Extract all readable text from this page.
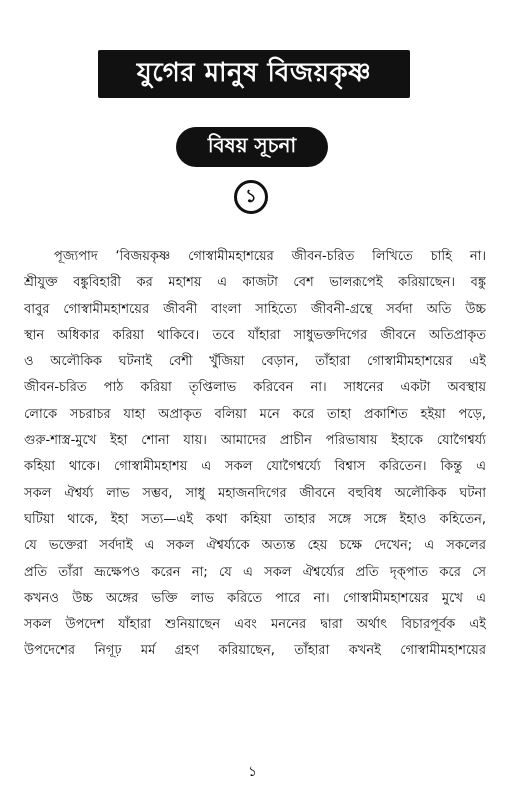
যুগের মানুষ বিজয়কৃষ্ণ
বিষয় সূচনা
১
পূজ্যপাদ ‘বিজয়কৃষ্ণ গোস্বামীমহাশয়ের জীবন-চরিত লিখিতে চাহি না।
শ্রীযুক্ত বঙ্কুবিহারী কর মহাশয় এ কাজটা বেশ ভালরূপেই করিয়াছেন। বঙ্কু
বাবুর গোস্বামীমহাশয়ের জীবনী বাংলা সাহিত্যে জীবনী-গ্রন্থে সর্বদা অতি উচ্চ
স্থান অধিকার করিয়া থাকিবে। তবে যাঁহারা সাধুভক্তদিগের জীবনে অতিপ্রাকৃত
ও অলৌকিক ঘটনাই বেশী খুঁজিয়া বেড়ান, তাঁহারা গোস্বামীমহাশয়ের এই
জীবন-চরিত পাঠ করিয়া তৃপ্তিলাভ করিবেন না। সাধনের একটা অবস্থায়
লোকে সচরাচর যাহা অপ্রাকৃত বলিয়া মনে করে তাহা প্রকাশিত হইয়া পড়ে,
গুরু-শাস্ত্র-মুখে ইহা শোনা যায়। আমাদের প্রাচীন পরিভাষায় ইহাকে যোগৈশ্বর্য্য
কহিয়া থাকে। গোস্বামীমহাশয় এ সকল যোগৈশ্বর্য্যে বিশ্বাস করিতেন। কিন্তু এ
সকল ঐশ্বর্য্য লাভ সম্ভব, সাধু মহাজনদিগের জীবনে বহুবিধ অলৌকিক ঘটনা
ঘটিয়া থাকে, ইহা সত্য—এই কথা কহিয়া তাহার সঙ্গে সঙ্গে ইহাও কহিতেন,
যে ভক্তেরা সর্বদাই এ সকল ঐশ্বর্য্যকে অত্যন্ত হেয় চক্ষে দেখেন; এ সকলের
প্রতি তাঁরা ভ্রূক্ষেপও করেন না; যে এ সকল ঐশ্বর্য্যের প্রতি দৃক্পাত করে সে
কখনও উচ্চ অঙ্গের ভক্তি লাভ করিতে পারে না। গোস্বামীমহাশয়ের মুখে এ
সকল উপদেশ যাঁহারা শুনিয়াছেন এবং মননের দ্বারা অর্থাৎ বিচারপূর্বক এই
উপদেশের নিগূঢ় মর্ম গ্রহণ করিয়াছেন, তাঁহারা কখনই গোস্বামীমহাশয়ের
১
